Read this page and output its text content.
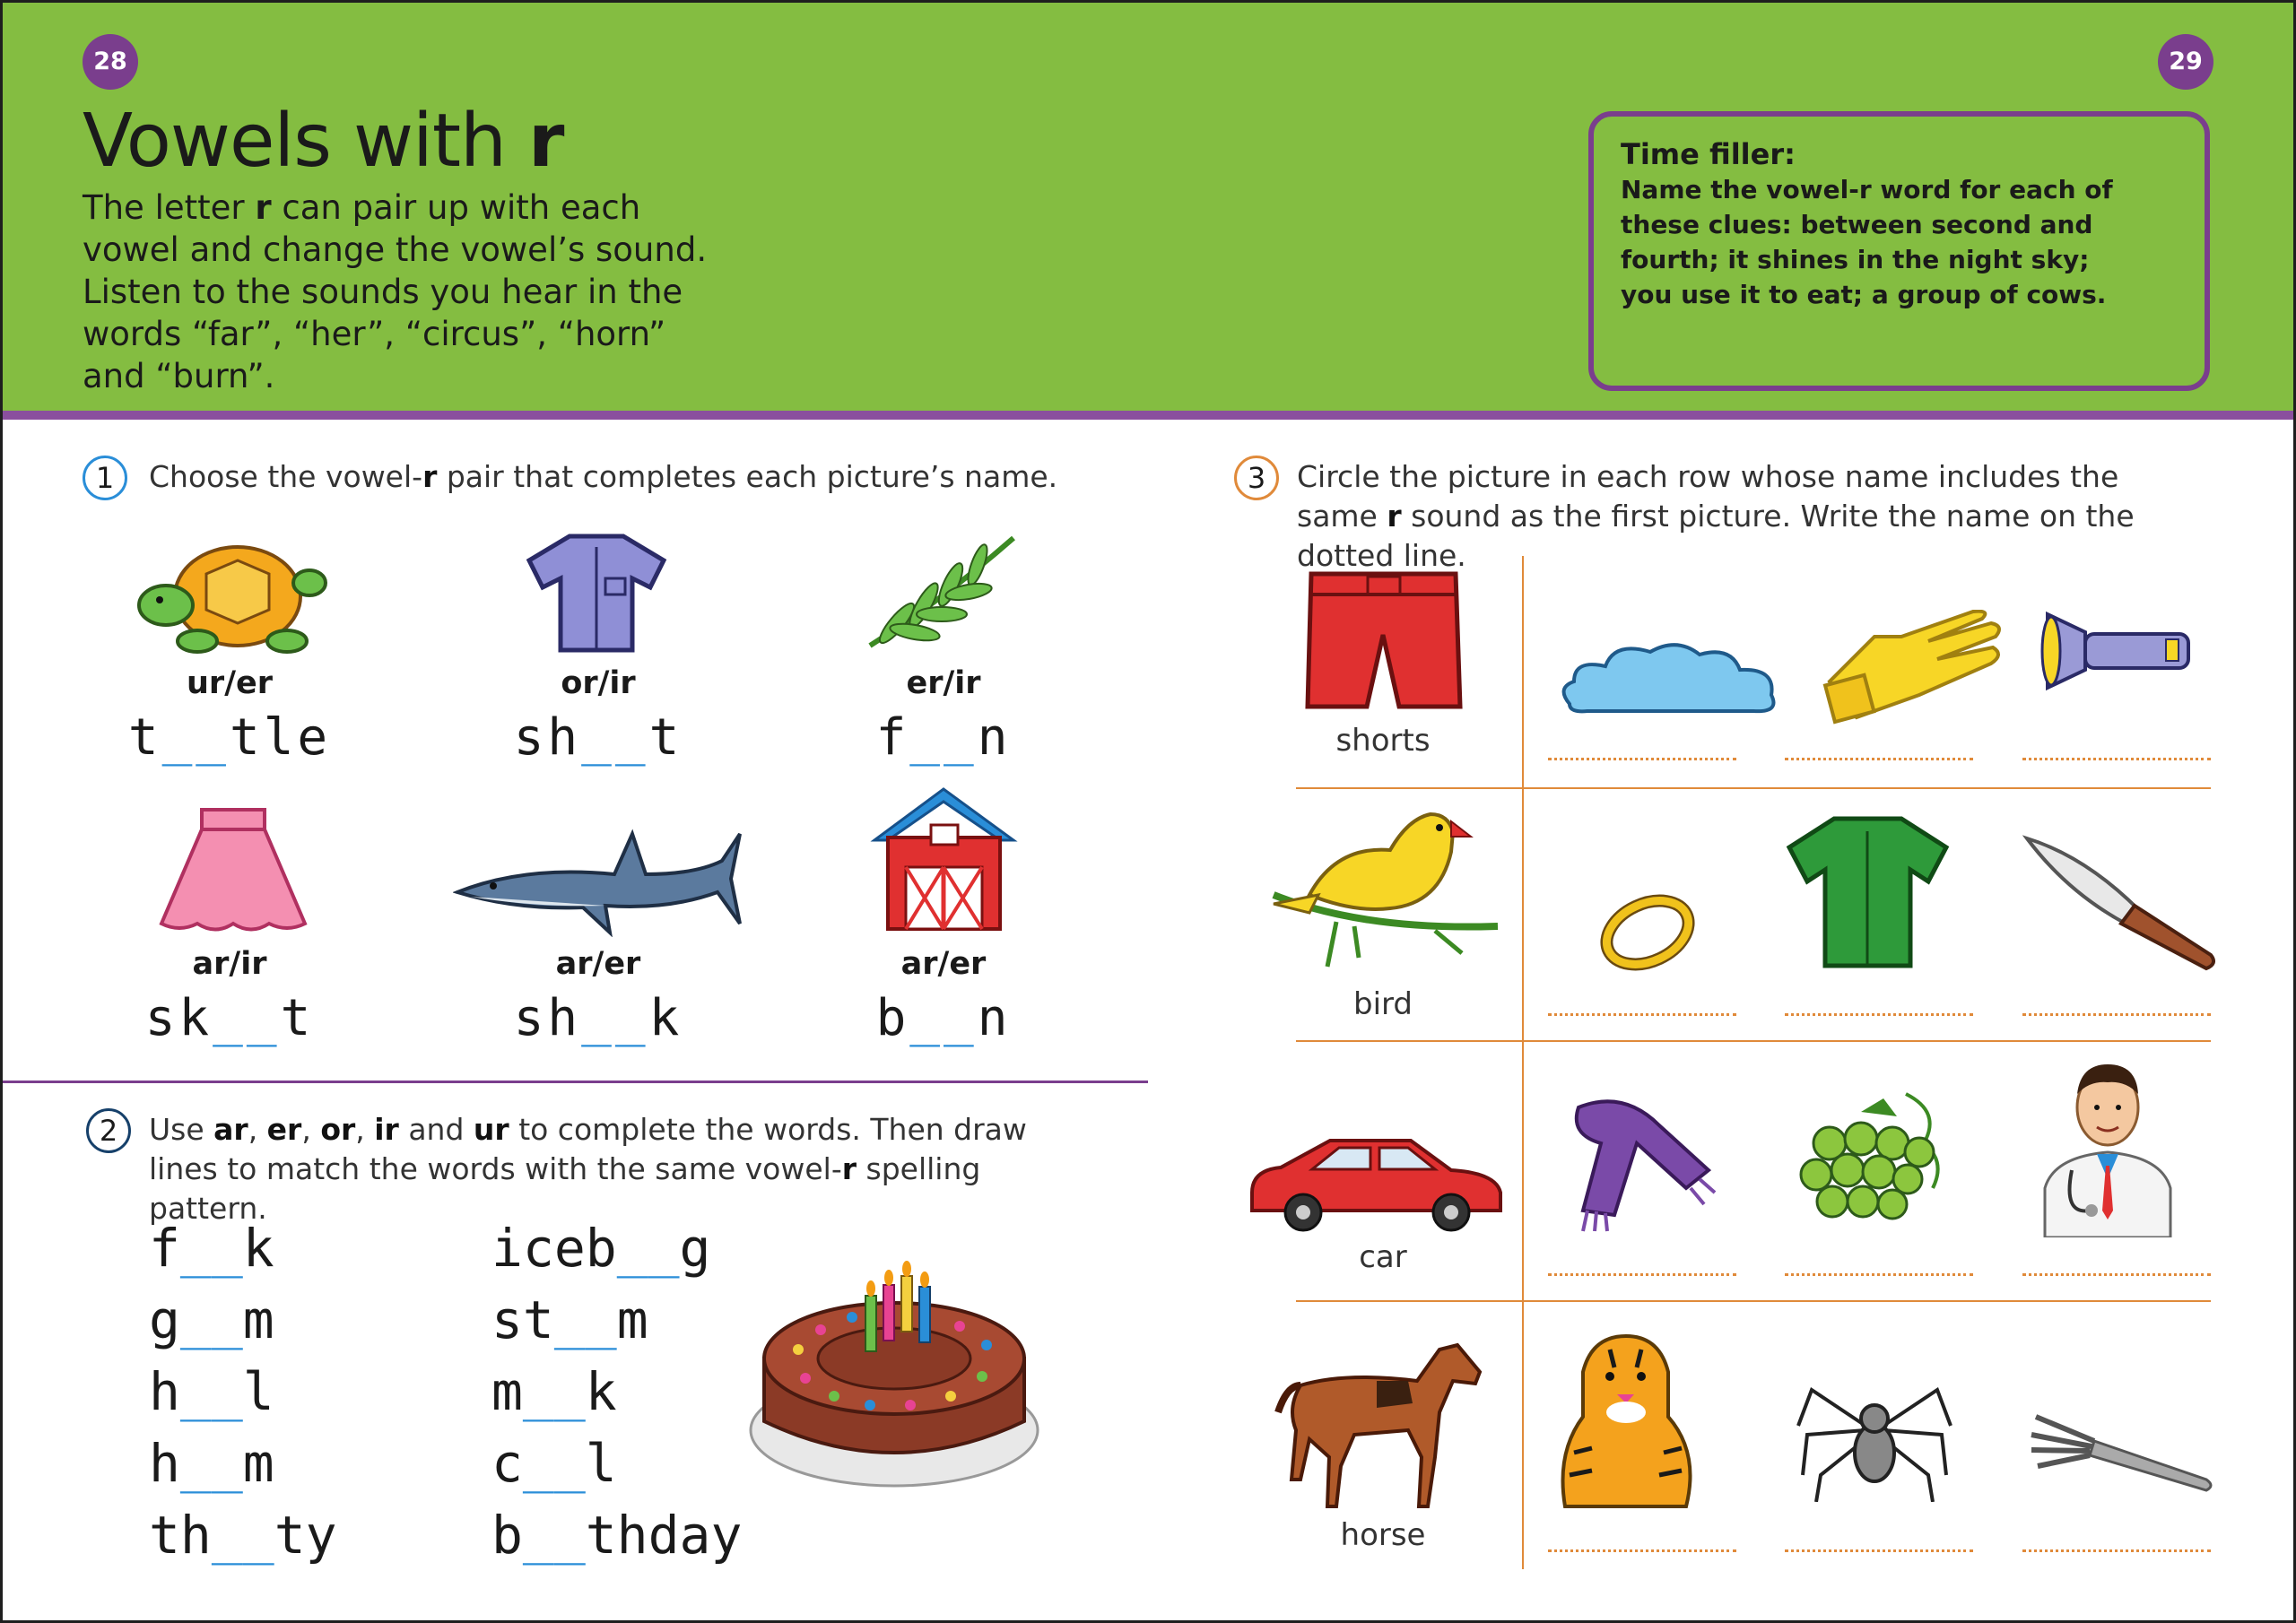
28	29
Vowels with r
The letter r can pair up with each vowel and change the vowel’s sound. Listen to the sounds you hear in the words “far”, “her”, “circus”, “horn” and “burn”.
Time filler:
Name the vowel-r word for each of these clues: between second and fourth; it shines in the night sky; you use it to eat; a group of cows.
1	Choose the vowel-r pair that completes each picture’s name.
ur/er	or/ir	er/ir
t__tle	sh__t	f__n
ar/ir	ar/er	ar/er
sk__t	sh__k	b__n
2	Use ar, er, or, ir and ur to complete the words. Then draw lines to match the words with the same vowel-r spelling pattern.
f__k
g__m
h__l
h__m
th__ty
iceb__g
st__m
m__k
c__l
b__thday
3	Circle the picture in each row whose name includes the same r sound as the first picture. Write the name on the dotted line.
shorts
bird
car
horse
